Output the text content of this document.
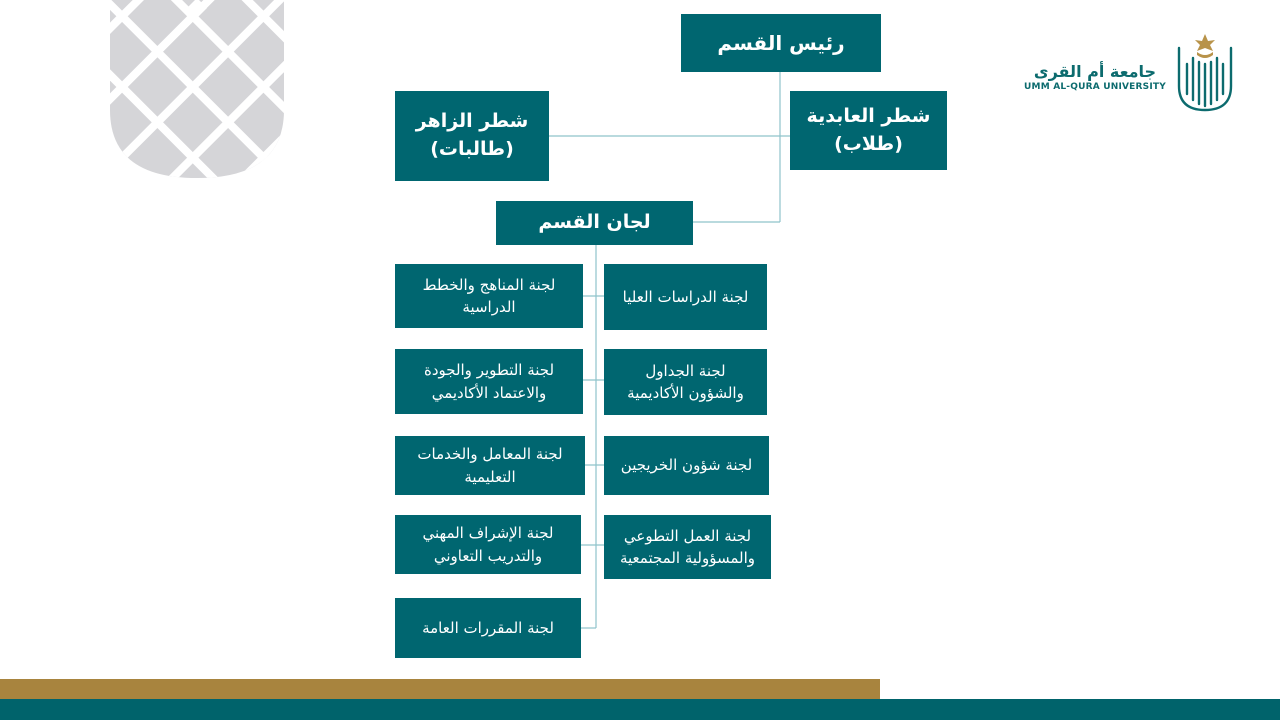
رئيس القسم
شطر العابدية
(طلاب)
شطر الزاهر
(طالبات)
لجان القسم
لجنة الدراسات العليا
لجنة الجداول
والشؤون الأكاديمية
لجنة شؤون الخريجين
لجنة العمل التطوعي
والمسؤولية المجتمعية
لجنة المناهج والخطط
الدراسية
لجنة التطوير والجودة
والاعتماد الأكاديمي
لجنة المعامل والخدمات
التعليمية
لجنة الإشراف المهني
والتدريب التعاوني
لجنة المقررات العامة
جامعة أم القرى
UMM AL-QURA UNIVERSITY
